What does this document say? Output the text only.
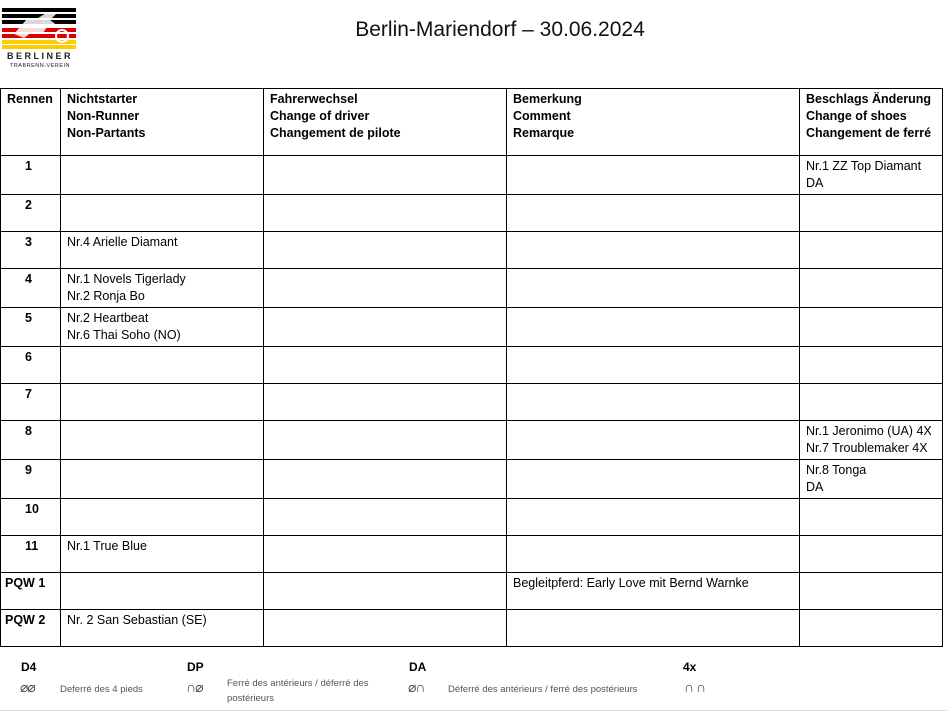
BERLINER
TRABRENN-VEREIN
Berlin-Mariendorf – 30.06.2024
Rennen	Nichtstarter
Non-Runner
Non-Partants	Fahrerwechsel
Change of driver
Changement de pilote	Bemerkung
Comment
Remarque	Beschlags Änderung
Change of shoes
Changement de ferré

1				Nr.1 ZZ Top Diamant
DA

2				
3	Nr.4 Arielle Diamant			

4	Nr.1 Novels Tigerlady
Nr.2 Ronja Bo			

5	Nr.2 Heartbeat
Nr.6 Thai Soho (NO)			

6				
7				
8				Nr.1 Jeronimo (UA) 4X
Nr.7 Troublemaker 4X

9				Nr.8 Tonga
DA

10				
11	Nr.1 True Blue			

PQW 1			Begleitpferd: Early Love mit Bernd Warnke	

PQW 2	Nr. 2 San Sebastian (SE)			

D4
⌀⌀	Deferré des 4 pieds
DP
∩⌀	Ferré des antérieurs / déferré des postérieurs
DA
⌀∩ Déferré des antérieurs / ferré des postérieurs
4x
∩ ∩
